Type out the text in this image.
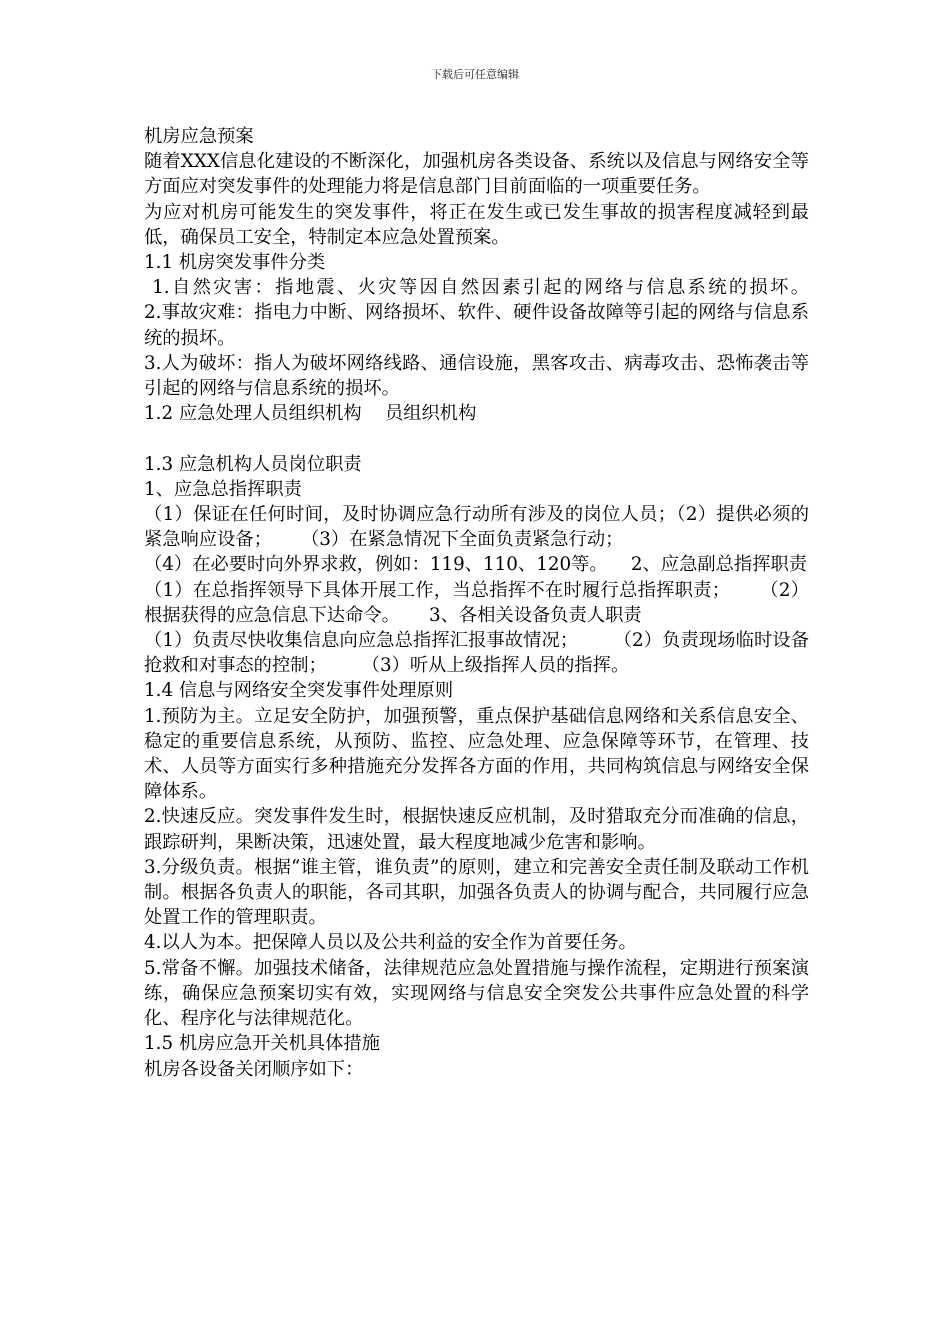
下载后可任意编辑

机房应急预案

随着XXX信息化建设的不断深化，加强机房各类设备、系统以及信息与网络安全等方面应对突发事件的处理能力将是信息部门目前面临的一项重要任务。

为应对机房可能发生的突发事件，将正在发生或已发生事故的损害程度减轻到最低，确保员工安全，特制定本应急处置预案。

1.1 机房突发事件分类

1.自然灾害：指地震、火灾等因自然因素引起的网络与信息系统的损坏。          2.事故灾难：指电力中断、网络损坏、软件、硬件设备故障等引起的网络与信息系统的损坏。

3.人为破坏：指人为破坏网络线路、通信设施，黑客攻击、病毒攻击、恐怖袭击等引起的网络与信息系统的损坏。

1.2 应急处理人员组织机构    员组织机构

1.3 应急机构人员岗位职责

1、应急总指挥职责

（1）保证在任何时间，及时协调应急行动所有涉及的岗位人员；（2）提供必须的紧急响应设备；     （3）在紧急情况下全面负责紧急行动；

（4）在必要时向外界求救，例如：119、110、120等。    2、应急副总指挥职责

（1）在总指挥领导下具体开展工作，当总指挥不在时履行总指挥职责；     （2）根据获得的应急信息下达命令。     3、各相关设备负责人职责

（1）负责尽快收集信息向应急总指挥汇报事故情况；      （2）负责现场临时设备抢救和对事态的控制；      （3）听从上级指挥人员的指挥。

1.4 信息与网络安全突发事件处理原则

1.预防为主。立足安全防护，加强预警，重点保护基础信息网络和关系信息安全、稳定的重要信息系统，从预防、监控、应急处理、应急保障等环节，在管理、技术、人员等方面实行多种措施充分发挥各方面的作用，共同构筑信息与网络安全保障体系。

2.快速反应。突发事件发生时，根据快速反应机制，及时猎取充分而准确的信息，跟踪研判，果断决策，迅速处置，最大程度地减少危害和影响。

3.分级负责。根据“谁主管，谁负责”的原则，建立和完善安全责任制及联动工作机制。根据各负责人的职能，各司其职，加强各负责人的协调与配合，共同履行应急处置工作的管理职责。

4.以人为本。把保障人员以及公共利益的安全作为首要任务。

5.常备不懈。加强技术储备，法律规范应急处置措施与操作流程，定期进行预案演练，确保应急预案切实有效，实现网络与信息安全突发公共事件应急处置的科学化、程序化与法律规范化。

1.5 机房应急开关机具体措施

机房各设备关闭顺序如下：
